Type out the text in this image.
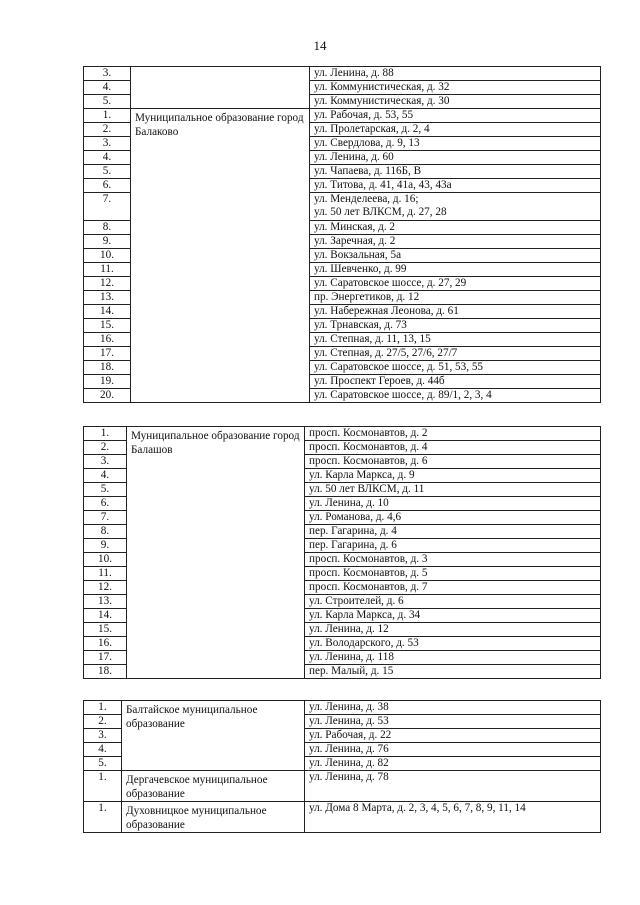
14
3.		ул. Ленина, д. 88

4.		ул. Коммунистическая, д. 32

5.		ул. Коммунистическая, д. 30

1.	Муниципальное образование город Балаково	ул. Рабочая, д. 53, 55

2.		ул. Пролетарская, д. 2, 4

3.		ул. Свердлова, д. 9, 13

4.		ул. Ленина, д. 60

5.		ул. Чапаева, д. 116Б, В

6.		ул. Титова, д. 41, 41а, 43, 43а

7.		ул. Менделеева, д. 16;
ул. 50 лет ВЛКСМ, д. 27, 28

8.		ул. Минская, д. 2

9.		ул. Заречная, д. 2

10.		ул. Вокзальная, 5а

11.		ул. Шевченко, д. 99

12.		ул. Саратовское шоссе, д. 27, 29

13.		пр. Энергетиков, д. 12

14.		ул. Набережная Леонова, д. 61

15.		ул. Трнавская, д. 73

16.		ул. Степная, д. 11, 13, 15

17.		ул. Степная, д. 27/5, 27/6, 27/7

18.		ул. Саратовское шоссе, д. 51, 53, 55

19.		ул. Проспект Героев, д. 44б

20.		ул. Саратовское шоссе, д. 89/1, 2, 3, 4
1.	Муниципальное образование город Балашов	просп. Космонавтов, д. 2

2.		просп. Космонавтов, д. 4

3.		просп. Космонавтов, д. 6

4.		ул. Карла Маркса, д. 9

5.		ул. 50 лет ВЛКСМ, д. 11

6.		ул. Ленина, д. 10

7.		ул. Романова, д. 4,6

8.		пер. Гагарина, д. 4

9.		пер. Гагарина, д. 6

10.		просп. Космонавтов, д. 3

11.		просп. Космонавтов, д. 5

12.		просп. Космонавтов, д. 7

13.		ул. Строителей, д. 6

14.		ул. Карла Маркса, д. 34

15.		ул. Ленина, д. 12

16.		ул. Володарского, д. 53

17.		ул. Ленина, д. 118

18.		пер. Малый, д. 15
1.	Балтайское муниципальное образование	ул. Ленина, д. 38

2.		ул. Ленина, д. 53

3.		ул. Рабочая, д. 22

4.		ул. Ленина, д. 76

5.		ул. Ленина, д. 82

1.	Дергачевское муниципальное образование	ул. Ленина, д. 78

1.	Духовницкое муниципальное образование	ул. Дома 8 Марта, д. 2, 3, 4, 5, 6, 7, 8, 9, 11, 14
